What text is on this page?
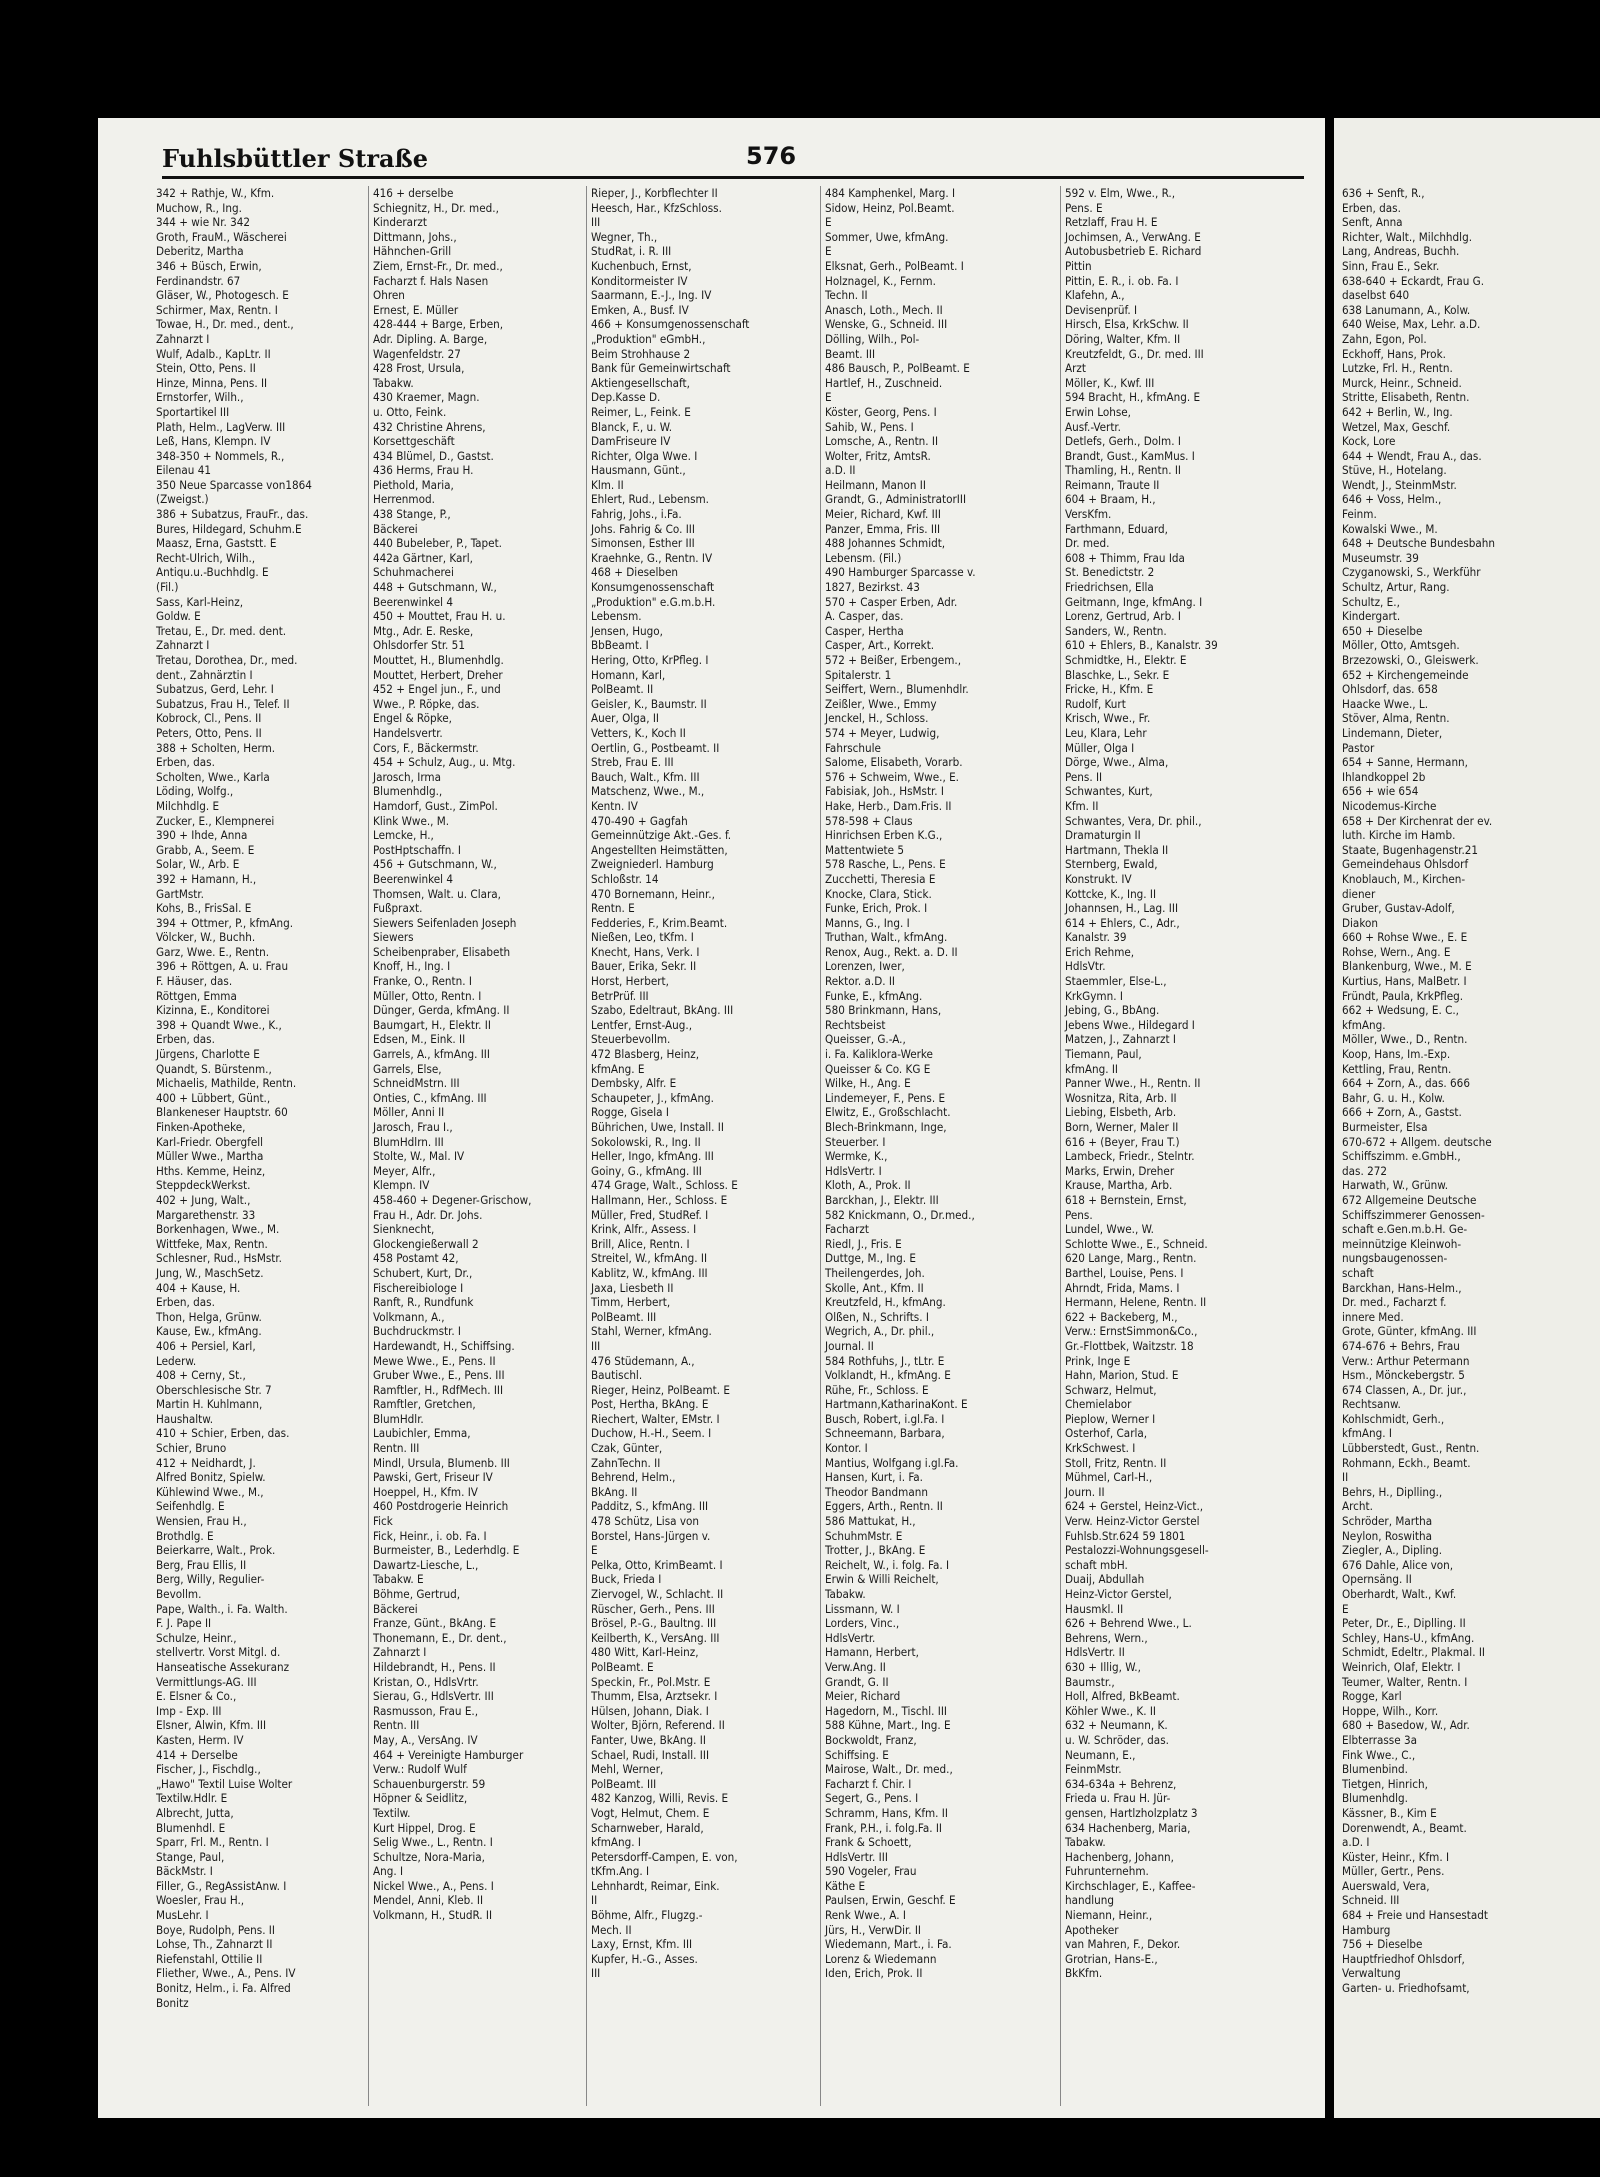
Fuhlsbüttler Straße	576
342 + Rathje, W., Kfm.
Muchow, R., Ing.
344 + wie Nr. 342
Groth, FrauM., Wäscherei
Deberitz, Martha
346 + Büsch, Erwin,
Ferdinandstr. 67
Gläser, W., Photogesch. E
Schirmer, Max, Rentn. I
Towae, H., Dr. med., dent.,
Zahnarzt I
Wulf, Adalb., KapLtr. II
Stein, Otto, Pens. II
Hinze, Minna, Pens. II
Ernstorfer, Wilh.,
Sportartikel III
Plath, Helm., LagVerw. III
Leß, Hans, Klempn. IV
348-350 + Nommels, R.,
Eilenau 41
350 Neue Sparcasse von1864
(Zweigst.)
386 + Subatzus, FrauFr., das.
Bures, Hildegard, Schuhm.E
Maasz, Erna, Gaststt. E
Recht-Ulrich, Wilh.,
Antiqu.u.-Buchhdlg. E
(Fil.)
Sass, Karl-Heinz,
Goldw. E
Tretau, E., Dr. med. dent.
Zahnarzt I
Tretau, Dorothea, Dr., med.
dent., Zahnärztin I
Subatzus, Gerd, Lehr. I
Subatzus, Frau H., Telef. II
Kobrock, Cl., Pens. II
Peters, Otto, Pens. II
388 + Scholten, Herm.
Erben, das.
Scholten, Wwe., Karla
Löding, Wolfg.,
Milchhdlg. E
Zucker, E., Klempnerei
390 + Ihde, Anna
Grabb, A., Seem. E
Solar, W., Arb. E
392 + Hamann, H.,
GartMstr.
Kohs, B., FrisSal. E
394 + Ottmer, P., kfmAng.
Völcker, W., Buchh.
Garz, Wwe. E., Rentn.
396 + Röttgen, A. u. Frau
F. Häuser, das.
Röttgen, Emma
Kizinna, E., Konditorei
398 + Quandt Wwe., K.,
Erben, das.
Jürgens, Charlotte E
Quandt, S. Bürstenm.,
Michaelis, Mathilde, Rentn.
400 + Lübbert, Günt.,
Blankeneser Hauptstr. 60
Finken-Apotheke,
Karl-Friedr. Obergfell
Müller Wwe., Martha
Hths. Kemme, Heinz,
SteppdeckWerkst.
402 + Jung, Walt.,
Margarethenstr. 33
Borkenhagen, Wwe., M.
Wittfeke, Max, Rentn.
Schlesner, Rud., HsMstr.
Jung, W., MaschSetz.
404 + Kause, H.
Erben, das.
Thon, Helga, Grünw.
Kause, Ew., kfmAng.
406 + Persiel, Karl,
Lederw.
408 + Cerny, St.,
Oberschlesische Str. 7
Martin H. Kuhlmann,
Haushaltw.
410 + Schier, Erben, das.
Schier, Bruno
412 + Neidhardt, J.
Alfred Bonitz, Spielw.
Kühlewind Wwe., M.,
Seifenhdlg. E
Wensien, Frau H.,
Brothdlg. E
Beierkarre, Walt., Prok.
Berg, Frau Ellis, II
Berg, Willy, Regulier-
Bevollm.
Pape, Walth., i. Fa. Walth.
F. J. Pape II
Schulze, Heinr.,
stellvertr. Vorst Mitgl. d.
Hanseatische Assekuranz
Vermittlungs-AG. III
E. Elsner & Co.,
Imp - Exp. III
Elsner, Alwin, Kfm. III
Kasten, Herm. IV
414 + Derselbe
Fischer, J., Fischdlg.,
„Hawo" Textil Luise Wolter
Textilw.Hdlr. E
Albrecht, Jutta,
Blumenhdl. E
Sparr, Frl. M., Rentn. I
Stange, Paul,
BäckMstr. I
Filler, G., RegAssistAnw. I
Woesler, Frau H.,
MusLehr. I
Boye, Rudolph, Pens. II
Lohse, Th., Zahnarzt II
Riefenstahl, Ottilie II
Fliether, Wwe., A., Pens. IV
Bonitz, Helm., i. Fa. Alfred
Bonitz
416 + derselbe
Schiegnitz, H., Dr. med.,
Kinderarzt
Dittmann, Johs.,
Hähnchen-Grill
Ziem, Ernst-Fr., Dr. med.,
Facharzt f. Hals Nasen
Ohren
Ernest, E. Müller
428-444 + Barge, Erben,
Adr. Dipling. A. Barge,
Wagenfeldstr. 27
428 Frost, Ursula,
Tabakw.
430 Kraemer, Magn.
u. Otto, Feink.
432 Christine Ahrens,
Korsettgeschäft
434 Blümel, D., Gastst.
436 Herms, Frau H.
Piethold, Maria,
Herrenmod.
438 Stange, P.,
Bäckerei
440 Bubeleber, P., Tapet.
442a Gärtner, Karl,
Schuhmacherei
448 + Gutschmann, W.,
Beerenwinkel 4
450 + Mouttet, Frau H. u.
Mtg., Adr. E. Reske,
Ohlsdorfer Str. 51
Mouttet, H., Blumenhdlg.
Mouttet, Herbert, Dreher
452 + Engel jun., F., und
Wwe., P. Röpke, das.
Engel & Röpke,
Handelsvertr.
Cors, F., Bäckermstr.
454 + Schulz, Aug., u. Mtg.
Jarosch, Irma
Blumenhdlg.,
Hamdorf, Gust., ZimPol.
Klink Wwe., M.
Lemcke, H.,
PostHptschaffn. I
456 + Gutschmann, W.,
Beerenwinkel 4
Thomsen, Walt. u. Clara,
Fußpraxt.
Siewers Seifenladen Joseph
Siewers
Scheibenpraber, Elisabeth
Knoff, H., Ing. I
Franke, O., Rentn. I
Müller, Otto, Rentn. I
Dünger, Gerda, kfmAng. II
Baumgart, H., Elektr. II
Edsen, M., Eink. II
Garrels, A., kfmAng. III
Garrels, Else,
SchneidMstrn. III
Onties, C., kfmAng. III
Möller, Anni II
Jarosch, Frau I.,
BlumHdlrn. III
Stolte, W., Mal. IV
Meyer, Alfr.,
Klempn. IV
458-460 + Degener-Grischow,
Frau H., Adr. Dr. Johs.
Sienknecht,
Glockengießerwall 2
458 Postamt 42,
Schubert, Kurt, Dr.,
Fischereibiologe I
Ranft, R., Rundfunk
Volkmann, A.,
Buchdruckmstr. I
Hardewandt, H., Schiffsing.
Mewe Wwe., E., Pens. II
Gruber Wwe., E., Pens. III
Ramftler, H., RdfMech. III
Ramftler, Gretchen,
BlumHdlr.
Laubichler, Emma,
Rentn. III
Mindl, Ursula, Blumenb. III
Pawski, Gert, Friseur IV
Hoeppel, H., Kfm. IV
460 Postdrogerie Heinrich
Fick
Fick, Heinr., i. ob. Fa. I
Burmeister, B., Lederhdlg. E
Dawartz-Liesche, L.,
Tabakw. E
Böhme, Gertrud,
Bäckerei
Franze, Günt., BkAng. E
Thonemann, E., Dr. dent.,
Zahnarzt I
Hildebrandt, H., Pens. II
Kristan, O., HdlsVrtr.
Sierau, G., HdlsVertr. III
Rasmusson, Frau E.,
Rentn. III
May, A., VersAng. IV
464 + Vereinigte Hamburger
Verw.: Rudolf Wulf
Schauenburgerstr. 59
Höpner & Seidlitz,
Textilw.
Kurt Hippel, Drog. E
Selig Wwe., L., Rentn. I
Schultze, Nora-Maria,
Ang. I
Nickel Wwe., A., Pens. I
Mendel, Anni, Kleb. II
Volkmann, H., StudR. II
Rieper, J., Korbflechter II
Heesch, Har., KfzSchloss.
III
Wegner, Th.,
StudRat, i. R. III
Kuchenbuch, Ernst,
Konditormeister IV
Saarmann, E.-J., Ing. IV
Emken, A., Busf. IV
466 + Konsumgenossenschaft
„Produktion" eGmbH.,
Beim Strohhause 2
Bank für Gemeinwirtschaft
Aktiengesellschaft,
Dep.Kasse D.
Reimer, L., Feink. E
Blanck, F., u. W.
DamFriseure IV
Richter, Olga Wwe. I
Hausmann, Günt.,
Klm. II
Ehlert, Rud., Lebensm.
Fahrig, Johs., i.Fa.
Johs. Fahrig & Co. III
Simonsen, Esther III
Kraehnke, G., Rentn. IV
468 + Dieselben
Konsumgenossenschaft
„Produktion" e.G.m.b.H.
Lebensm.
Jensen, Hugo,
BbBeamt. I
Hering, Otto, KrPfleg. I
Homann, Karl,
PolBeamt. II
Geisler, K., Baumstr. II
Auer, Olga, II
Vetters, K., Koch II
Oertlin, G., Postbeamt. II
Streb, Frau E. III
Bauch, Walt., Kfm. III
Matschenz, Wwe., M.,
Kentn. IV
470-490 + Gagfah
Gemeinnützige Akt.-Ges. f.
Angestellten Heimstätten,
Zweigniederl. Hamburg
Schloßstr. 14
470 Bornemann, Heinr.,
Rentn. E
Fedderies, F., Krim.Beamt.
Nießen, Leo, tKfm. I
Knecht, Hans, Verk. I
Bauer, Erika, Sekr. II
Horst, Herbert,
BetrPrüf. III
Szabo, Edeltraut, BkAng. III
Lentfer, Ernst-Aug.,
Steuerbevollm.
472 Blasberg, Heinz,
kfmAng. E
Dembsky, Alfr. E
Schaupeter, J., kfmAng.
Rogge, Gisela I
Bührichen, Uwe, Install. II
Sokolowski, R., Ing. II
Heller, Ingo, kfmAng. III
Goiny, G., kfmAng. III
474 Grage, Walt., Schloss. E
Hallmann, Her., Schloss. E
Müller, Fred, StudRef. I
Krink, Alfr., Assess. I
Brill, Alice, Rentn. I
Streitel, W., kfmAng. II
Kablitz, W., kfmAng. III
Jaxa, Liesbeth II
Timm, Herbert,
PolBeamt. III
Stahl, Werner, kfmAng.
III
476 Stüdemann, A.,
Bautischl.
Rieger, Heinz, PolBeamt. E
Post, Hertha, BkAng. E
Riechert, Walter, EMstr. I
Duchow, H.-H., Seem. I
Czak, Günter,
ZahnTechn. II
Behrend, Helm.,
BkAng. II
Padditz, S., kfmAng. III
478 Schütz, Lisa von
Borstel, Hans-Jürgen v.
E
Pelka, Otto, KrimBeamt. I
Buck, Frieda I
Ziervogel, W., Schlacht. II
Rüscher, Gerh., Pens. III
Brösel, P.-G., Baultng. III
Keilberth, K., VersAng. III
480 Witt, Karl-Heinz,
PolBeamt. E
Speckin, Fr., Pol.Mstr. E
Thumm, Elsa, Arztsekr. I
Hülsen, Johann, Diak. I
Wolter, Björn, Referend. II
Fanter, Uwe, BkAng. II
Schael, Rudi, Install. III
Mehl, Werner,
PolBeamt. III
482 Kanzog, Willi, Revis. E
Vogt, Helmut, Chem. E
Scharnweber, Harald,
kfmAng. I
Petersdorff-Campen, E. von,
tKfm.Ang. I
Lehnhardt, Reimar, Eink.
II
Böhme, Alfr., Flugzg.-
Mech. II
Laxy, Ernst, Kfm. III
Kupfer, H.-G., Asses.
III
484 Kamphenkel, Marg. I
Sidow, Heinz, Pol.Beamt.
E
Sommer, Uwe, kfmAng.
E
Elksnat, Gerh., PolBeamt. I
Holznagel, K., Fernm.
Techn. II
Anasch, Loth., Mech. II
Wenske, G., Schneid. III
Dölling, Wilh., Pol-
Beamt. III
486 Bausch, P., PolBeamt. E
Hartlef, H., Zuschneid.
E
Köster, Georg, Pens. I
Sahib, W., Pens. I
Lomsche, A., Rentn. II
Wolter, Fritz, AmtsR.
a.D. II
Heilmann, Manon II
Grandt, G., AdministratorIII
Meier, Richard, Kwf. III
Panzer, Emma, Fris. III
488 Johannes Schmidt,
Lebensm. (Fil.)
490 Hamburger Sparcasse v.
1827, Bezirkst. 43
570 + Casper Erben, Adr.
A. Casper, das.
Casper, Hertha
Casper, Art., Korrekt.
572 + Beißer, Erbengem.,
Spitalerstr. 1
Seiffert, Wern., Blumenhdlr.
Zeißler, Wwe., Emmy
Jenckel, H., Schloss.
574 + Meyer, Ludwig,
Fahrschule
Salome, Elisabeth, Vorarb.
576 + Schweim, Wwe., E.
Fabisiak, Joh., HsMstr. I
Hake, Herb., Dam.Fris. II
578-598 + Claus
Hinrichsen Erben K.G.,
Mattentwiete 5
578 Rasche, L., Pens. E
Zucchetti, Theresia E
Knocke, Clara, Stick.
Funke, Erich, Prok. I
Manns, G., Ing. I
Truthan, Walt., kfmAng.
Renox, Aug., Rekt. a. D. II
Lorenzen, Iwer,
Rektor. a.D. II
Funke, E., kfmAng.
580 Brinkmann, Hans,
Rechtsbeist
Queisser, G.-A.,
i. Fa. Kaliklora-Werke
Queisser & Co. KG E
Wilke, H., Ang. E
Lindemeyer, F., Pens. E
Elwitz, E., Großschlacht.
Blech-Brinkmann, Inge,
Steuerber. I
Wermke, K.,
HdlsVertr. I
Kloth, A., Prok. II
Barckhan, J., Elektr. III
582 Knickmann, O., Dr.med.,
Facharzt
Riedl, J., Fris. E
Duttge, M., Ing. E
Theilengerdes, Joh.
Skolle, Ant., Kfm. II
Kreutzfeld, H., kfmAng.
Olßen, N., Schrifts. I
Wegrich, A., Dr. phil.,
Journal. II
584 Rothfuhs, J., tLtr. E
Volklandt, H., kfmAng. E
Rühe, Fr., Schloss. E
Hartmann,KatharinaKont. E
Busch, Robert, i.gl.Fa. I
Schneemann, Barbara,
Kontor. I
Mantius, Wolfgang i.gl.Fa.
Hansen, Kurt, i. Fa.
Theodor Bandmann
Eggers, Arth., Rentn. II
586 Mattukat, H.,
SchuhmMstr. E
Trotter, J., BkAng. E
Reichelt, W., i. folg. Fa. I
Erwin & Willi Reichelt,
Tabakw.
Lissmann, W. I
Lorders, Vinc.,
HdlsVertr.
Hamann, Herbert,
Verw.Ang. II
Grandt, G. II
Meier, Richard
Hagedorn, M., Tischl. III
588 Kühne, Mart., Ing. E
Bockwoldt, Franz,
Schiffsing. E
Mairose, Walt., Dr. med.,
Facharzt f. Chir. I
Segert, G., Pens. I
Schramm, Hans, Kfm. II
Frank, P.H., i. folg.Fa. II
Frank & Schoett,
HdlsVertr. III
590 Vogeler, Frau
Käthe E
Paulsen, Erwin, Geschf. E
Renk Wwe., A. I
Jürs, H., VerwDir. II
Wiedemann, Mart., i. Fa.
Lorenz & Wiedemann
Iden, Erich, Prok. II
592 v. Elm, Wwe., R.,
Pens. E
Retzlaff, Frau H. E
Jochimsen, A., VerwAng. E
Autobusbetrieb E. Richard
Pittin
Pittin, E. R., i. ob. Fa. I
Klafehn, A.,
Devisenprüf. I
Hirsch, Elsa, KrkSchw. II
Döring, Walter, Kfm. II
Kreutzfeldt, G., Dr. med. III
Arzt
Möller, K., Kwf. III
594 Bracht, H., kfmAng. E
Erwin Lohse,
Ausf.-Vertr.
Detlefs, Gerh., Dolm. I
Brandt, Gust., KamMus. I
Thamling, H., Rentn. II
Reimann, Traute II
604 + Braam, H.,
VersKfm.
Farthmann, Eduard,
Dr. med.
608 + Thimm, Frau Ida
St. Benedictstr. 2
Friedrichsen, Ella
Geitmann, Inge, kfmAng. I
Lorenz, Gertrud, Arb. I
Sanders, W., Rentn.
610 + Ehlers, B., Kanalstr. 39
Schmidtke, H., Elektr. E
Blaschke, L., Sekr. E
Fricke, H., Kfm. E
Rudolf, Kurt
Krisch, Wwe., Fr.
Leu, Klara, Lehr
Müller, Olga I
Dörge, Wwe., Alma,
Pens. II
Schwantes, Kurt,
Kfm. II
Schwantes, Vera, Dr. phil.,
Dramaturgin II
Hartmann, Thekla II
Sternberg, Ewald,
Konstrukt. IV
Kottcke, K., Ing. II
Johannsen, H., Lag. III
614 + Ehlers, C., Adr.,
Kanalstr. 39
Erich Rehme,
HdlsVtr.
Staemmler, Else-L.,
KrkGymn. I
Jebing, G., BbAng.
Jebens Wwe., Hildegard I
Matzen, J., Zahnarzt I
Tiemann, Paul,
kfmAng. II
Panner Wwe., H., Rentn. II
Wosnitza, Rita, Arb. II
Liebing, Elsbeth, Arb.
Born, Werner, Maler II
616 + (Beyer, Frau T.)
Lambeck, Friedr., Stelntr.
Marks, Erwin, Dreher
Krause, Martha, Arb.
618 + Bernstein, Ernst,
Pens.
Lundel, Wwe., W.
Schlotte Wwe., E., Schneid.
620 Lange, Marg., Rentn.
Barthel, Louise, Pens. I
Ahrndt, Frida, Mams. I
Hermann, Helene, Rentn. II
622 + Backeberg, M.,
Verw.: ErnstSimmon&Co.,
Gr.-Flottbek, Waitzstr. 18
Prink, Inge E
Hahn, Marion, Stud. E
Schwarz, Helmut,
Chemielabor
Pieplow, Werner I
Osterhof, Carla,
KrkSchwest. I
Stoll, Fritz, Rentn. II
Mühmel, Carl-H.,
Journ. II
624 + Gerstel, Heinz-Vict.,
Verw. Heinz-Victor Gerstel
Fuhlsb.Str.624 59 1801
Pestalozzi-Wohnungsgesell-
schaft mbH.
Duaij, Abdullah
Heinz-Victor Gerstel,
Hausmkl. II
626 + Behrend Wwe., L.
Behrens, Wern.,
HdlsVertr. II
630 + Illig, W.,
Baumstr.,
Holl, Alfred, BkBeamt.
Köhler Wwe., K. II
632 + Neumann, K.
u. W. Schröder, das.
Neumann, E.,
FeinmMstr.
634-634a + Behrenz,
Frieda u. Frau H. Jür-
gensen, Hartlzholzplatz 3
634 Hachenberg, Maria,
Tabakw.
Hachenberg, Johann,
Fuhrunternehm.
Kirchschlager, E., Kaffee-
handlung
Niemann, Heinr.,
Apotheker
van Mahren, F., Dekor.
Grotrian, Hans-E.,
BkKfm.
636 + Senft, R.,
Erben, das.
Senft, Anna
Richter, Walt., Milchhdlg.
Lang, Andreas, Buchh.
Sinn, Frau E., Sekr.
638-640 + Eckardt, Frau G.
daselbst 640
638 Lanumann, A., Kolw.
640 Weise, Max, Lehr. a.D.
Zahn, Egon, Pol.
Eckhoff, Hans, Prok.
Lutzke, Frl. H., Rentn.
Murck, Heinr., Schneid.
Stritte, Elisabeth, Rentn.
642 + Berlin, W., Ing.
Wetzel, Max, Geschf.
Kock, Lore
644 + Wendt, Frau A., das.
Stüve, H., Hotelang.
Wendt, J., SteinmMstr.
646 + Voss, Helm.,
Feinm.
Kowalski Wwe., M.
648 + Deutsche Bundesbahn
Museumstr. 39
Czyganowski, S., Werkführ
Schultz, Artur, Rang.
Schultz, E.,
Kindergart.
650 + Dieselbe
Möller, Otto, Amtsgeh.
Brzezowski, O., Gleiswerk.
652 + Kirchengemeinde
Ohlsdorf, das. 658
Haacke Wwe., L.
Stöver, Alma, Rentn.
Lindemann, Dieter,
Pastor
654 + Sanne, Hermann,
Ihlandkoppel 2b
656 + wie 654
Nicodemus-Kirche
658 + Der Kirchenrat der ev.
luth. Kirche im Hamb.
Staate, Bugenhagenstr.21
Gemeindehaus Ohlsdorf
Knoblauch, M., Kirchen-
diener
Gruber, Gustav-Adolf,
Diakon
660 + Rohse Wwe., E. E
Rohse, Wern., Ang. E
Blankenburg, Wwe., M. E
Kurtius, Hans, MalBetr. I
Fründt, Paula, KrkPfleg.
662 + Wedsung, E. C.,
kfmAng.
Möller, Wwe., D., Rentn.
Koop, Hans, Im.-Exp.
Kettling, Frau, Rentn.
664 + Zorn, A., das. 666
Bahr, G. u. H., Kolw.
666 + Zorn, A., Gastst.
Burmeister, Elsa
670-672 + Allgem. deutsche
Schiffszimm. e.GmbH.,
das. 272
Harwath, W., Grünw.
672 Allgemeine Deutsche
Schiffszimmerer Genossen-
schaft e.Gen.m.b.H. Ge-
meinnützige Kleinwoh-
nungsbaugenossen-
schaft
Barckhan, Hans-Helm.,
Dr. med., Facharzt f.
innere Med.
Grote, Günter, kfmAng. III
674-676 + Behrs, Frau
Verw.: Arthur Petermann
Hsm., Mönckebergstr. 5
674 Classen, A., Dr. jur.,
Rechtsanw.
Kohlschmidt, Gerh.,
kfmAng. I
Lübberstedt, Gust., Rentn.
Rohmann, Eckh., Beamt.
II
Behrs, H., Diplling.,
Archt.
Schröder, Martha
Neylon, Roswitha
Ziegler, A., Dipling.
676 Dahle, Alice von,
Opernsäng. II
Oberhardt, Walt., Kwf.
E
Peter, Dr., E., Diplling. II
Schley, Hans-U., kfmAng.
Schmidt, Edeltr., Plakmal. II
Weinrich, Olaf, Elektr. I
Teumer, Walter, Rentn. I
Rogge, Karl
Hoppe, Wilh., Korr.
680 + Basedow, W., Adr.
Elbterrasse 3a
Fink Wwe., C.,
Blumenbind.
Tietgen, Hinrich,
Blumenhdlg.
Kässner, B., Kim E
Dorenwendt, A., Beamt.
a.D. I
Küster, Heinr., Kfm. I
Müller, Gertr., Pens.
Auerswald, Vera,
Schneid. III
684 + Freie und Hansestadt
Hamburg
756 + Dieselbe
Hauptfriedhof Ohlsdorf,
Verwaltung
Garten- u. Friedhofsamt,
